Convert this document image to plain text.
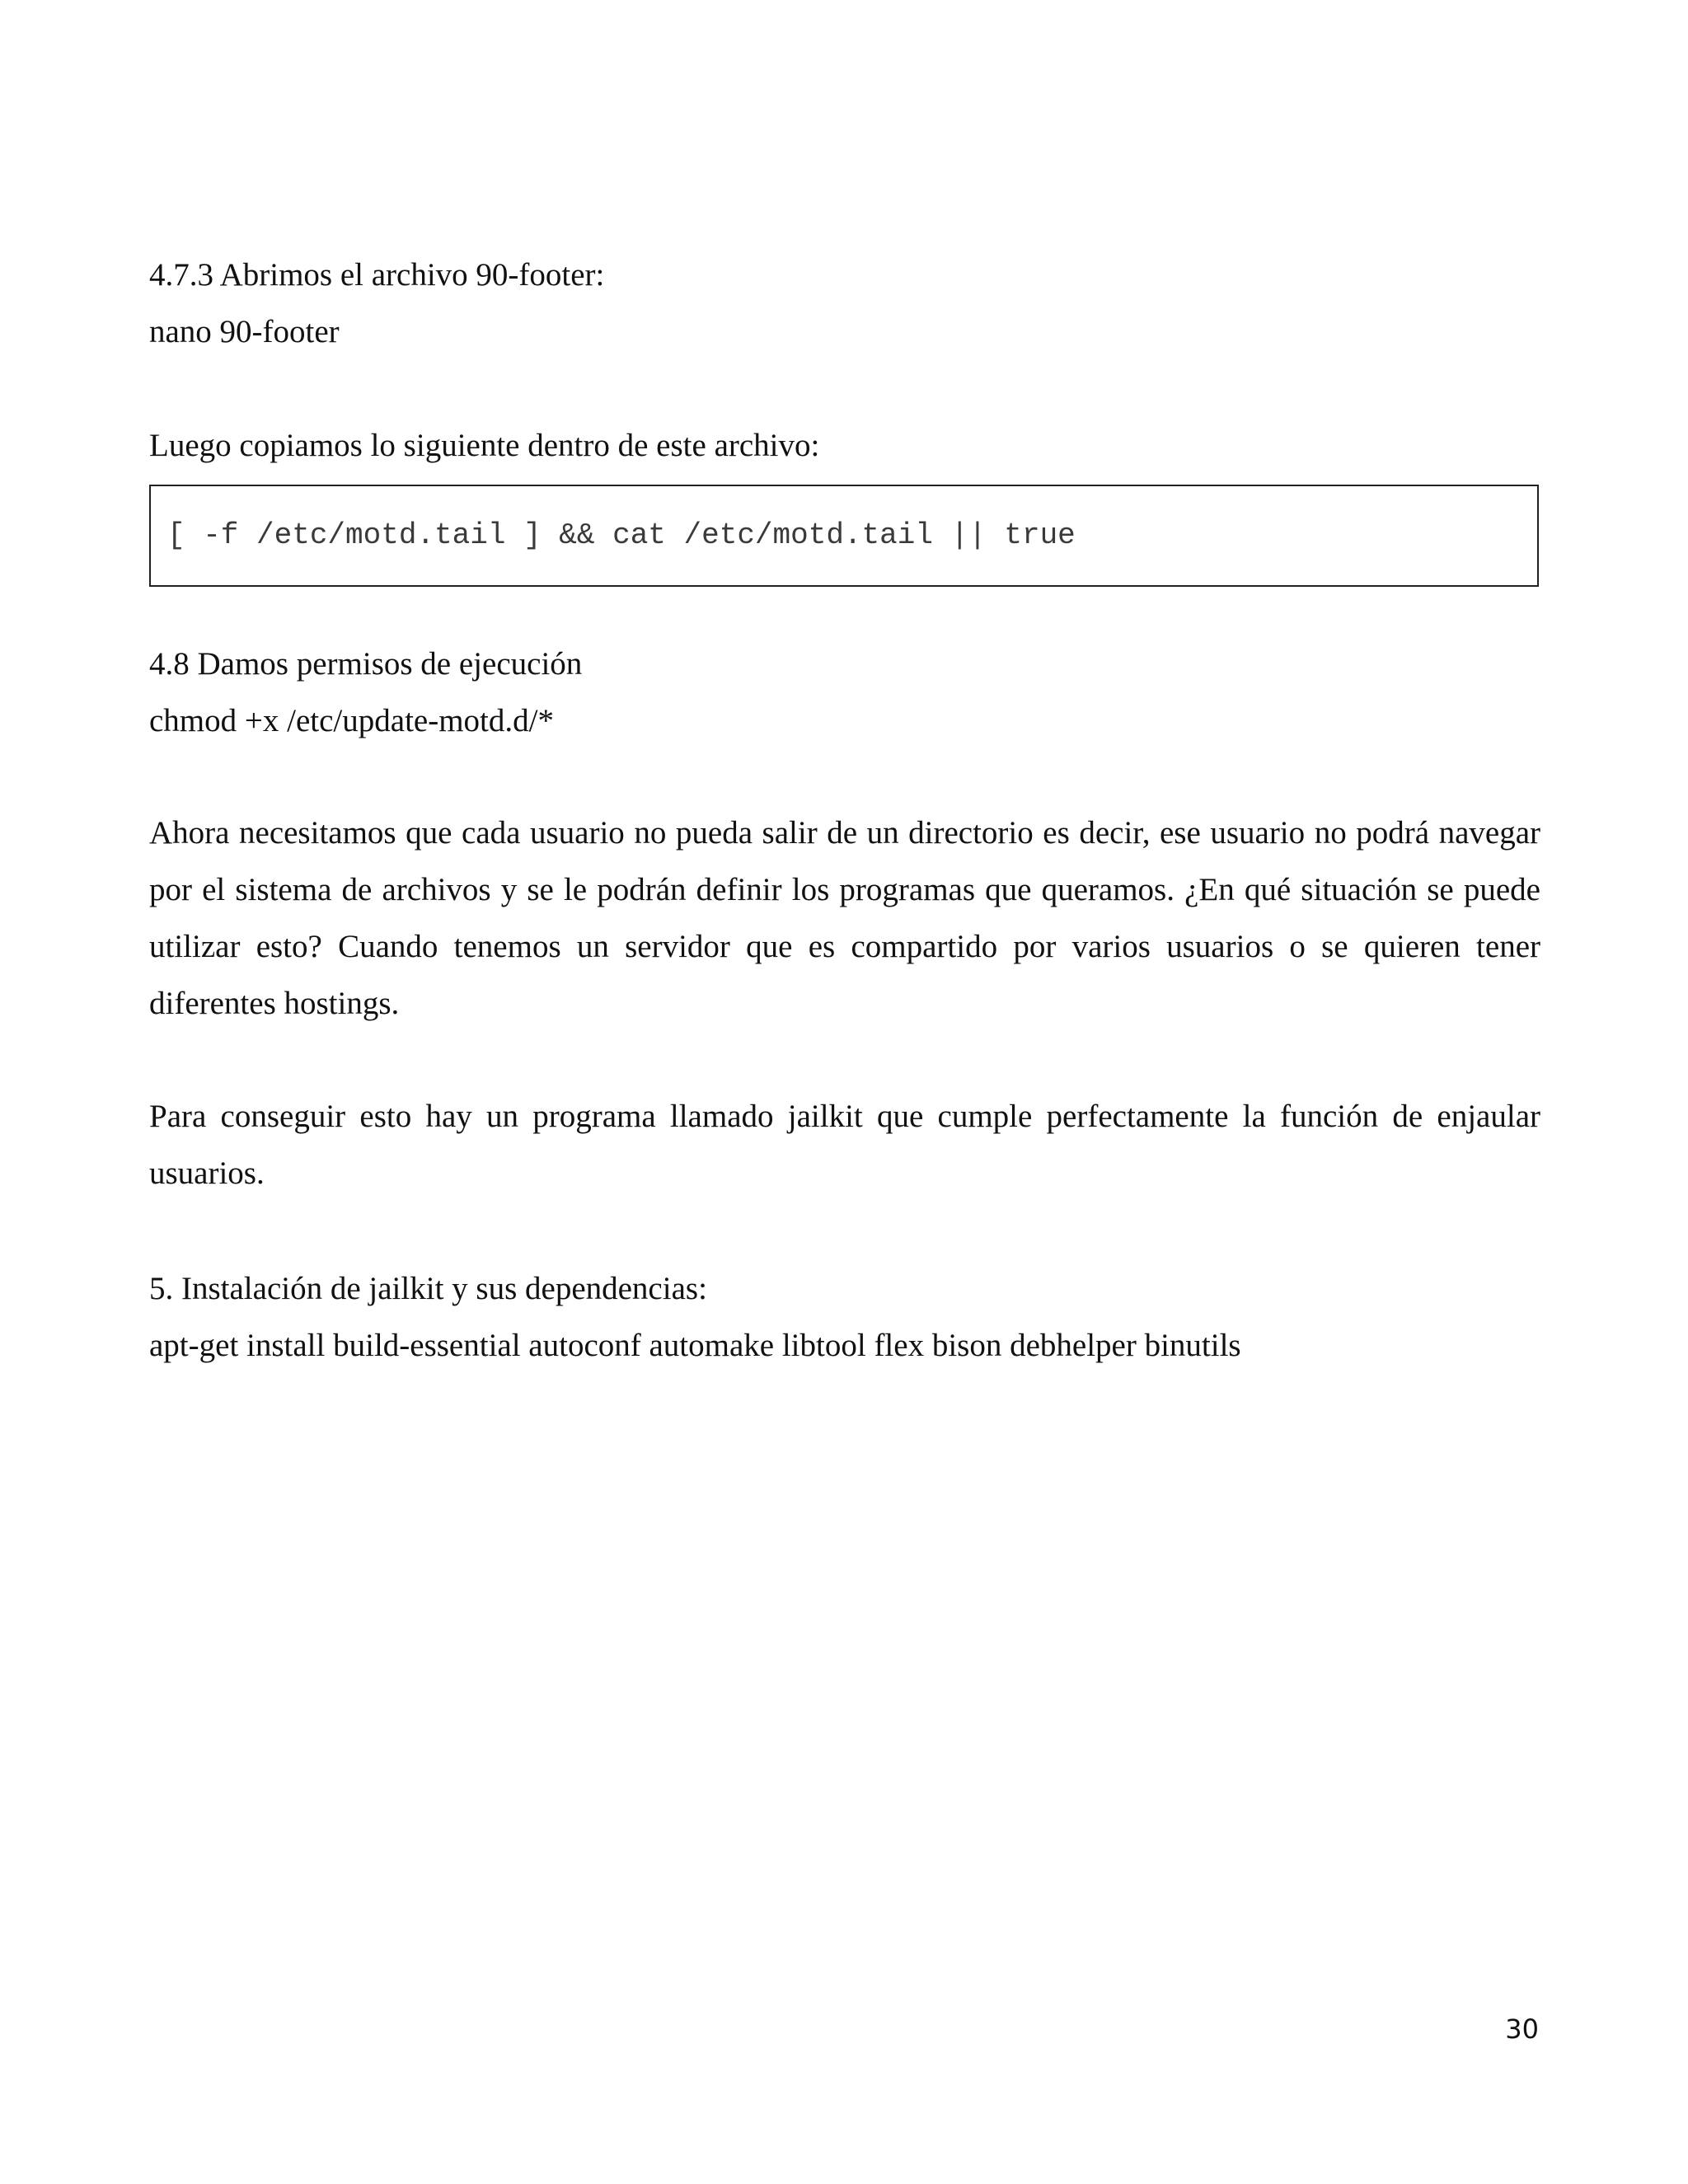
4.7.3 Abrimos el archivo 90-footer:
nano 90-footer
Luego copiamos lo siguiente dentro de este archivo:
[ -f /etc/motd.tail ] && cat /etc/motd.tail || true
4.8 Damos permisos de ejecución
chmod +x /etc/update-motd.d/*
Ahora necesitamos que cada usuario no pueda salir de un directorio es decir, ese usuario no podrá navegar por el sistema de archivos y se le podrán definir los programas que queramos. ¿En qué situación se puede utilizar esto? Cuando tenemos un servidor que es compartido por varios usuarios o se quieren tener diferentes hostings.
Para conseguir esto hay un programa llamado jailkit que cumple perfectamente la función de enjaular usuarios.
5. Instalación de jailkit y sus dependencias:
apt-get install build-essential autoconf automake libtool flex bison debhelper binutils
30
